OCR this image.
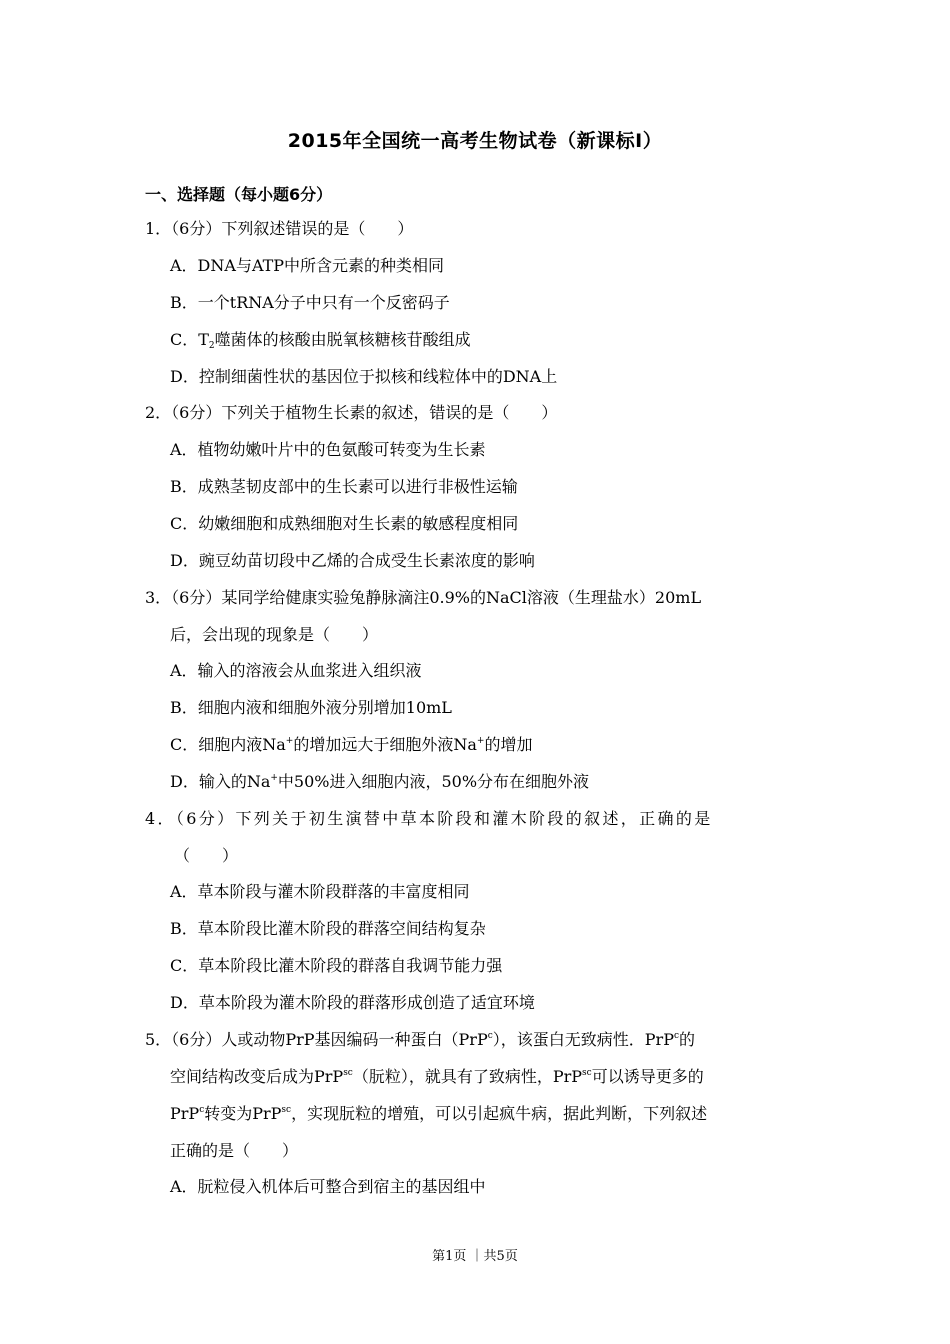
2015年全国统一高考生物试卷（新课标Ⅰ）
一、选择题（每小题6分）
1．（6分）下列叙述错误的是（　　）
A．DNA与ATP中所含元素的种类相同
B．一个tRNA分子中只有一个反密码子
C．$T_2$噬菌体的核酸由脱氧核糖核苷酸组成
D．控制细菌性状的基因位于拟核和线粒体中的DNA上
2．（6分）下列关于植物生长素的叙述，错误的是（　　）
A．植物幼嫩叶片中的色氨酸可转变为生长素
B．成熟茎韧皮部中的生长素可以进行非极性运输
C．幼嫩细胞和成熟细胞对生长素的敏感程度相同
D．豌豆幼苗切段中乙烯的合成受生长素浓度的影响
3．（6分）某同学给健康实验兔静脉滴注0.9%的NaCl溶液（生理盐水）20mL
后，会出现的现象是（　　）
A．输入的溶液会从血浆进入组织液
B．细胞内液和细胞外液分别增加10mL
C．细胞内液Na+的增加远大于细胞外液Na+的增加
D．输入的Na+中50%进入细胞内液，50%分布在细胞外液
4．（6分）下列关于初生演替中草本阶段和灌木阶段的叙述，正确的是
（　　）
A．草本阶段与灌木阶段群落的丰富度相同
B．草本阶段比灌木阶段的群落空间结构复杂
C．草本阶段比灌木阶段的群落自我调节能力强
D．草本阶段为灌木阶段的群落形成创造了适宜环境
5．（6分）人或动物PrP基因编码一种蛋白（PrP$^c$），该蛋白无致病性．PrP$^c$的
空间结构改变后成为PrP$^{sc}$（朊粒），就具有了致病性，PrP$^{sc}$可以诱导更多的
PrP$^c$转变为PrP$^{sc}$，实现朊粒的增殖，可以引起疯牛病，据此判断，下列叙述
正确的是（　　）
A．朊粒侵入机体后可整合到宿主的基因组中
第1页 ｜共5页
